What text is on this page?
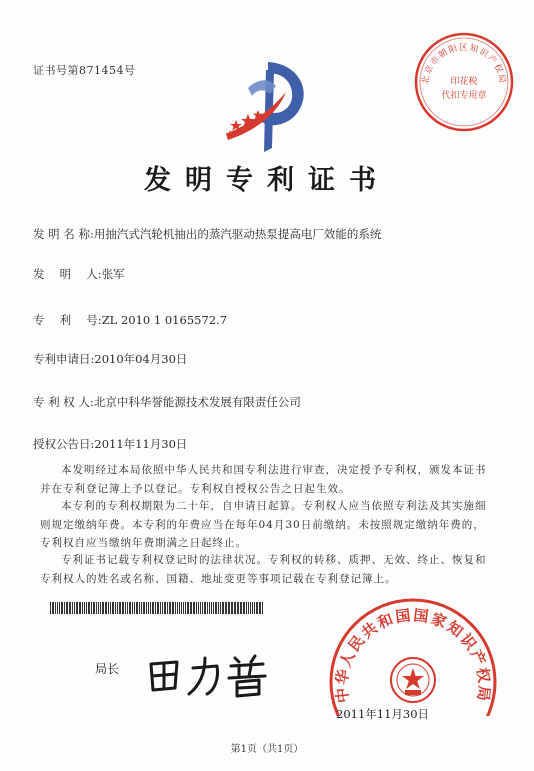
证书号第871454号
北京市朝阳区知识产权局
印花税
代扣专用章
发明专利证书
发 明 名 称:用抽汽式汽轮机抽出的蒸汽驱动热泵提高电厂效能的系统
发　 明　 人:张军
专　 利　 号:ZL 2010 1 0165572.7
专利申请日:2010年04月30日
专 利 权 人:北京中科华誉能源技术发展有限责任公司
授权公告日:2011年11月30日

本发明经过本局依照中华人民共和国专利法进行审查，决定授予专利权，颁发本证书并在专利登记簿上予以登记。专利权自授权公告之日起生效。

本专利的专利权期限为二十年，自申请日起算。专利权人应当依照专利法及其实施细则规定缴纳年费。本专利的年费应当在每年04月30日前缴纳。未按照规定缴纳年费的，专利权自应当缴纳年费期满之日起终止。

专利证书记载专利权登记时的法律状况。专利权的转移、质押、无效、终止、恢复和专利权人的姓名或名称、国籍、地址变更等事项记载在专利登记簿上。

局长
中华人民共和国国家知识产权局
2011年11月30日
第1页（共1页）
